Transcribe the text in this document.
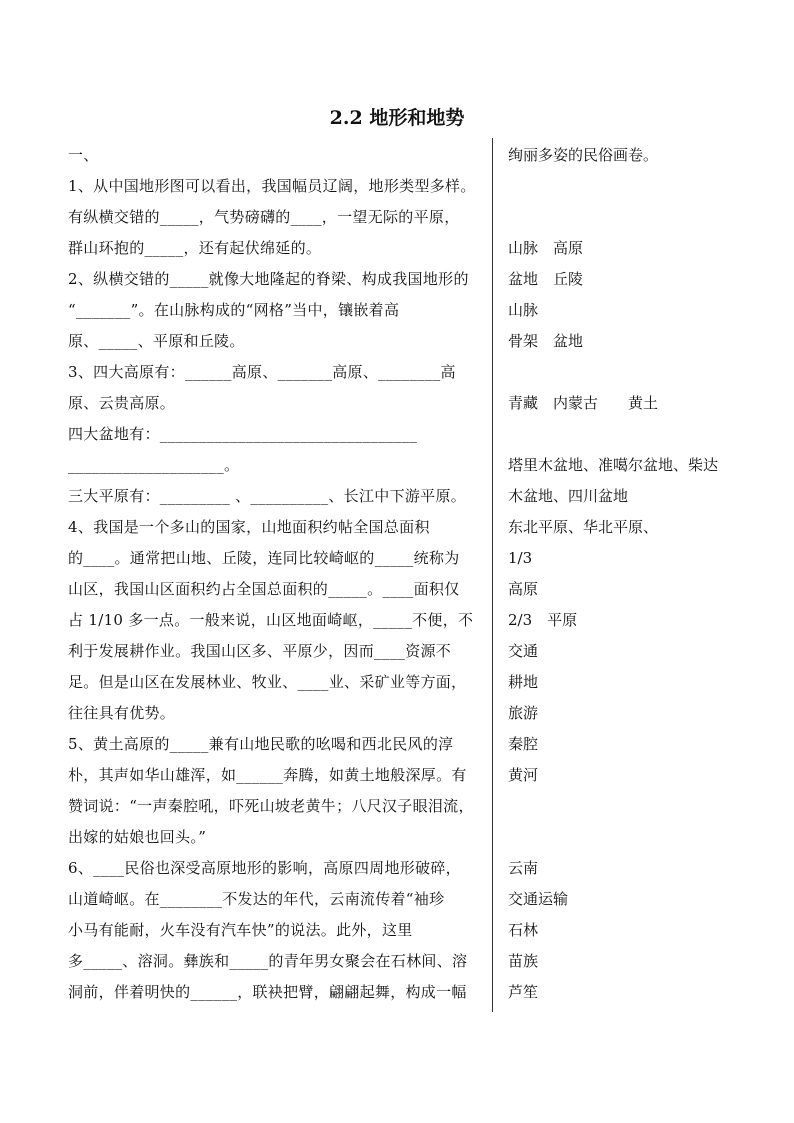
2.2 地形和地势
一、
1、从中国地形图可以看出，我国幅员辽阔，地形类型多样。
有纵横交错的_____，气势磅礴的____，一望无际的平原，
群山环抱的_____，还有起伏绵延的。
2、纵横交错的_____就像大地隆起的脊梁、构成我国地形的
“_______”。在山脉构成的“网格”当中，镶嵌着高
原、_____、平原和丘陵。
3、四大高原有：______高原、_______高原、________高
原、云贵高原。
四大盆地有：_________________________________
____________________。
三大平原有：_________ 、__________、长江中下游平原。
4、我国是一个多山的国家，山地面积约帖全国总面积
的____。通常把山地、丘陵，连同比较崎岖的_____统称为
山区，我国山区面积约占全国总面积的_____。____面积仅
占 1/10 多一点。一般来说，山区地面崎岖，_____不便，不
利于发展耕作业。我国山区多、平原少，因而____资源不
足。但是山区在发展林业、牧业、____业、采矿业等方面，
往往具有优势。
5、黄土高原的_____兼有山地民歌的吆喝和西北民风的淳
朴，其声如华山雄浑，如______奔腾，如黄土地般深厚。有
赞词说：“一声秦腔吼，吓死山坡老黄牛；八尺汉子眼泪流，
出嫁的姑娘也回头。”
6、____民俗也深受高原地形的影响，高原四周地形破碎，
山道崎岖。在________不发达的年代，云南流传着“袖珍
小马有能耐，火车没有汽车快”的说法。此外，这里
多_____、溶洞。彝族和_____的青年男女聚会在石林间、溶
洞前，伴着明快的______，联袂把臂，翩翩起舞，构成一幅
绚丽多姿的民俗画卷。
山脉　高原
盆地　丘陵
山脉
骨架　盆地
青藏　内蒙古　　黄土
塔里木盆地、准噶尔盆地、柴达
木盆地、四川盆地
东北平原、华北平原、
1/3
高原
2/3　平原
交通
耕地
旅游
秦腔
黄河
云南
交通运输
石林
苗族
芦笙
